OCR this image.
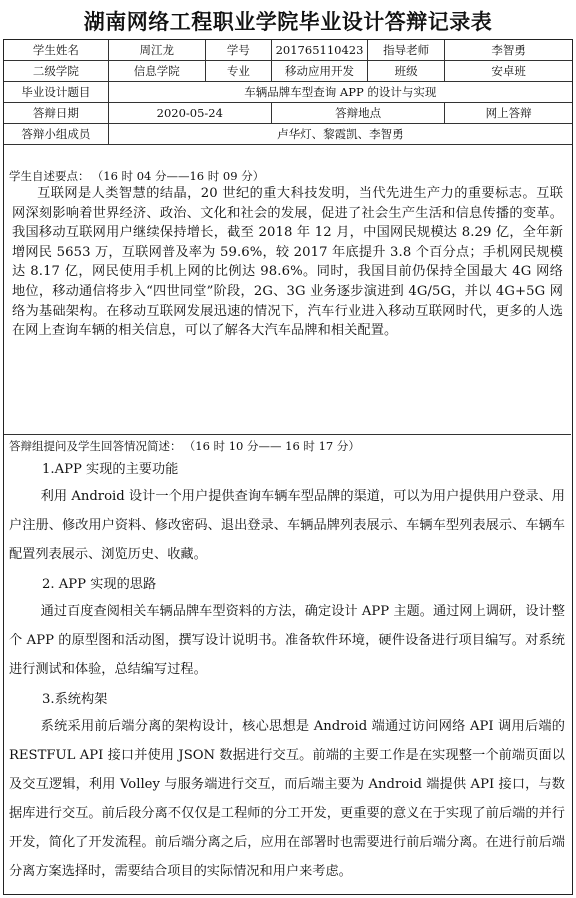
湖南网络工程职业学院毕业设计答辩记录表
学生姓名	周江龙	学号	201765110423	指导老师	李智勇
二级学院	信息学院	专业	移动应用开发	班级	安卓班
毕业设计题目	车辆品牌车型查询 APP 的设计与实现				
答辩日期	2020-05-24		答辩地点		网上答辩
答辩小组成员	卢华灯、黎霞凯、李智勇				
学生自述要点： （16 时 04 分——16 时 09 分）

互联网是人类智慧的结晶，20 世纪的重大科技发明，当代先进生产力的重要标志。互联网深刻影响着世界经济、政治、文化和社会的发展，促进了社会生产生活和信息传播的变革。我国移动互联网用户继续保持增长，截至 2018 年 12 月，中国网民规模达 8.29 亿，全年新增网民 5653 万，互联网普及率为 59.6%，较 2017 年底提升 3.8 个百分点；手机网民规模达 8.17 亿，网民使用手机上网的比例达 98.6%。同时，我国目前仍保持全国最大 4G 网络地位，移动通信将步入“四世同堂”阶段，2G、3G 业务逐步演进到 4G/5G，并以 4G+5G 网络为基础架构。在移动互联网发展迅速的情况下，汽车行业进入移动互联网时代，更多的人选在网上查询车辆的相关信息，可以了解各大汽车品牌和相关配置。

答辩组提问及学生回答情况简述： （16 时 10 分—— 16 时 17 分）
1.APP 实现的主要功能

利用 Android 设计一个用户提供查询车辆车型品牌的渠道，可以为用户提供用户登录、用户注册、修改用户资料、修改密码、退出登录、车辆品牌列表展示、车辆车型列表展示、车辆车配置列表展示、浏览历史、收藏。

2. APP 实现的思路

通过百度查阅相关车辆品牌车型资料的方法，确定设计 APP 主题。通过网上调研，设计整个 APP 的原型图和活动图，撰写设计说明书。准备软件环境，硬件设备进行项目编写。对系统进行测试和体验，总结编写过程。

3.系统构架

系统采用前后端分离的架构设计，核心思想是 Android 端通过访问网络 API 调用后端的 RESTFUL API 接口并使用 JSON 数据进行交互。前端的主要工作是在实现整一个前端页面以及交互逻辑，利用 Volley 与服务端进行交互，而后端主要为 Android 端提供 API 接口，与数据库进行交互。前后段分离不仅仅是工程师的分工开发，更重要的意义在于实现了前后端的并行开发，简化了开发流程。前后端分离之后，应用在部署时也需要进行前后端分离。在进行前后端分离方案选择时，需要结合项目的实际情况和用户来考虑。
